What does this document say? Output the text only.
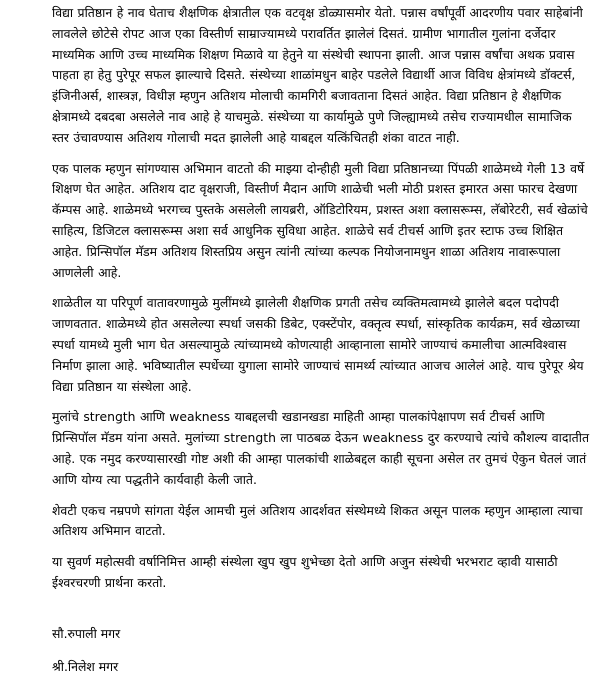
विद्या प्रतिष्ठान हे नाव घेताच शैक्षणिक क्षेत्रातील एक वटवृक्ष डोळ्यासमोर येतो. पन्नास वर्षांपूर्वी आदरणीय पवार साहेबांनी लावलेले छोटेसे रोपट आज एका विस्तीर्ण साम्राज्यामध्ये परावर्तित झालेलं दिसतं. ग्रामीण भागातील गुलांना दर्जेदार माध्यमिक आणि उच्च माध्यमिक शिक्षण मिळावे या हेतुने या संस्थेची स्थापना झाली. आज पन्नास वर्षांचा अथक प्रवास पाहता हा हेतु पुरेपूर सफल झाल्याचे दिसते. संस्थेच्या शाळांमधुन बाहेर पडलेले विद्यार्थी आज विविध क्षेत्रांमध्ये डॉक्टर्स, इंजिनीअर्स, शास्त्रज्ञ, विधीज्ञ म्हणुन अतिशय मोलाची कामगिरी बजावताना दिसतं आहेत. विद्या प्रतिष्ठान हे शैक्षणिक क्षेत्रामध्ये दबदबा असलेले नाव आहे हे याचमुळे. संस्थेच्या या कार्यामुळे पुणे जिल्ह्यामध्ये तसेच राज्यामधील सामाजिक स्तर उंचावण्यास अतिशय गोलाची मदत झालेली आहे याबद्दल यत्किंचितही शंका वाटत नाही.

एक पालक म्हणुन सांगण्यास अभिमान वाटतो की माझ्या दोन्हीही मुली विद्या प्रतिष्ठानच्या पिंपळी शाळेमध्ये गेली 13 वर्षे शिक्षण घेत आहेत. अतिशय दाट वृक्षराजी, विस्तीर्ण मैदान आणि शाळेची भली मोठी प्रशस्त इमारत असा फारच देखणा कॅम्पस आहे. शाळेमध्ये भरगच्च पुस्तके असलेली लायब्ररी, ऑडिटोरियम, प्रशस्त अशा क्लासरूम्स, लॅबोरेटरी, सर्व खेळांचे साहित्य, डिजिटल क्लासरूम्स अशा सर्व आधुनिक सुविधा आहेत. शाळेचे सर्व टीचर्स आणि इतर स्टाफ उच्च शिक्षित आहेत. प्रिन्सिपॉल मॅडम अतिशय शिस्तप्रिय असुन त्यांनी त्यांच्या कल्पक नियोजनामधुन शाळा अतिशय नावारूपाला आणलेली आहे.

शाळेतील या परिपूर्ण वातावरणामुळे मुलींमध्ये झालेली शैक्षणिक प्रगती तसेच व्यक्तिमत्वामध्ये झालेले बदल पदोपदी जाणवतात. शाळेमध्ये होत असलेल्या स्पर्धा जसकी डिबेट, एक्स्टेंपोर, वक्तृत्व स्पर्धा, सांस्कृतिक कार्यक्रम, सर्व खेळाच्या स्पर्धा यामध्ये मुली भाग घेत असल्यामुळे त्यांच्यामध्ये कोणत्याही आव्हानाला सामोरे जाण्याचं कमालीचा आत्मविश्वास निर्माण झाला आहे. भविष्यातील स्पर्धेच्या युगाला सामोरे जाण्याचं सामर्थ्य त्यांच्यात आजच आलेलं आहे. याच पुरेपूर श्रेय विद्या प्रतिष्ठान या संस्थेला आहे.

मुलांचे strength आणि weakness याबद्दलची खडानखडा माहिती आम्हा पालकांपेक्षापण सर्व टीचर्स आणि प्रिन्सिपॉल मॅडम यांना असते. मुलांच्या strength ला पाठबळ देऊन weakness दुर करण्याचे त्यांचे कौशल्य वादातीत आहे. एक नमुद करण्यासारखी गोष्ट अशी की आम्हा पालकांची शाळेबद्दल काही सूचना असेल तर तुमचं ऐकुन घेतलं जातं आणि योग्य त्या पद्धतीने कार्यवाही केली जाते.

शेवटी एकच नम्रपणे सांगता येईल आमची मुलं अतिशय आदर्शवत संस्थेमध्ये शिकत असून पालक म्हणुन आम्हाला त्याचा अतिशय अभिमान वाटतो.

या सुवर्ण महोत्सवी वर्षानिमित्त आम्ही संस्थेला खुप खुप शुभेच्छा देतो आणि अजुन संस्थेची भरभराट व्हावी यासाठी ईश्वरचरणी प्रार्थना करतो.

सौ.रुपाली मगर

श्री.निलेश मगर
